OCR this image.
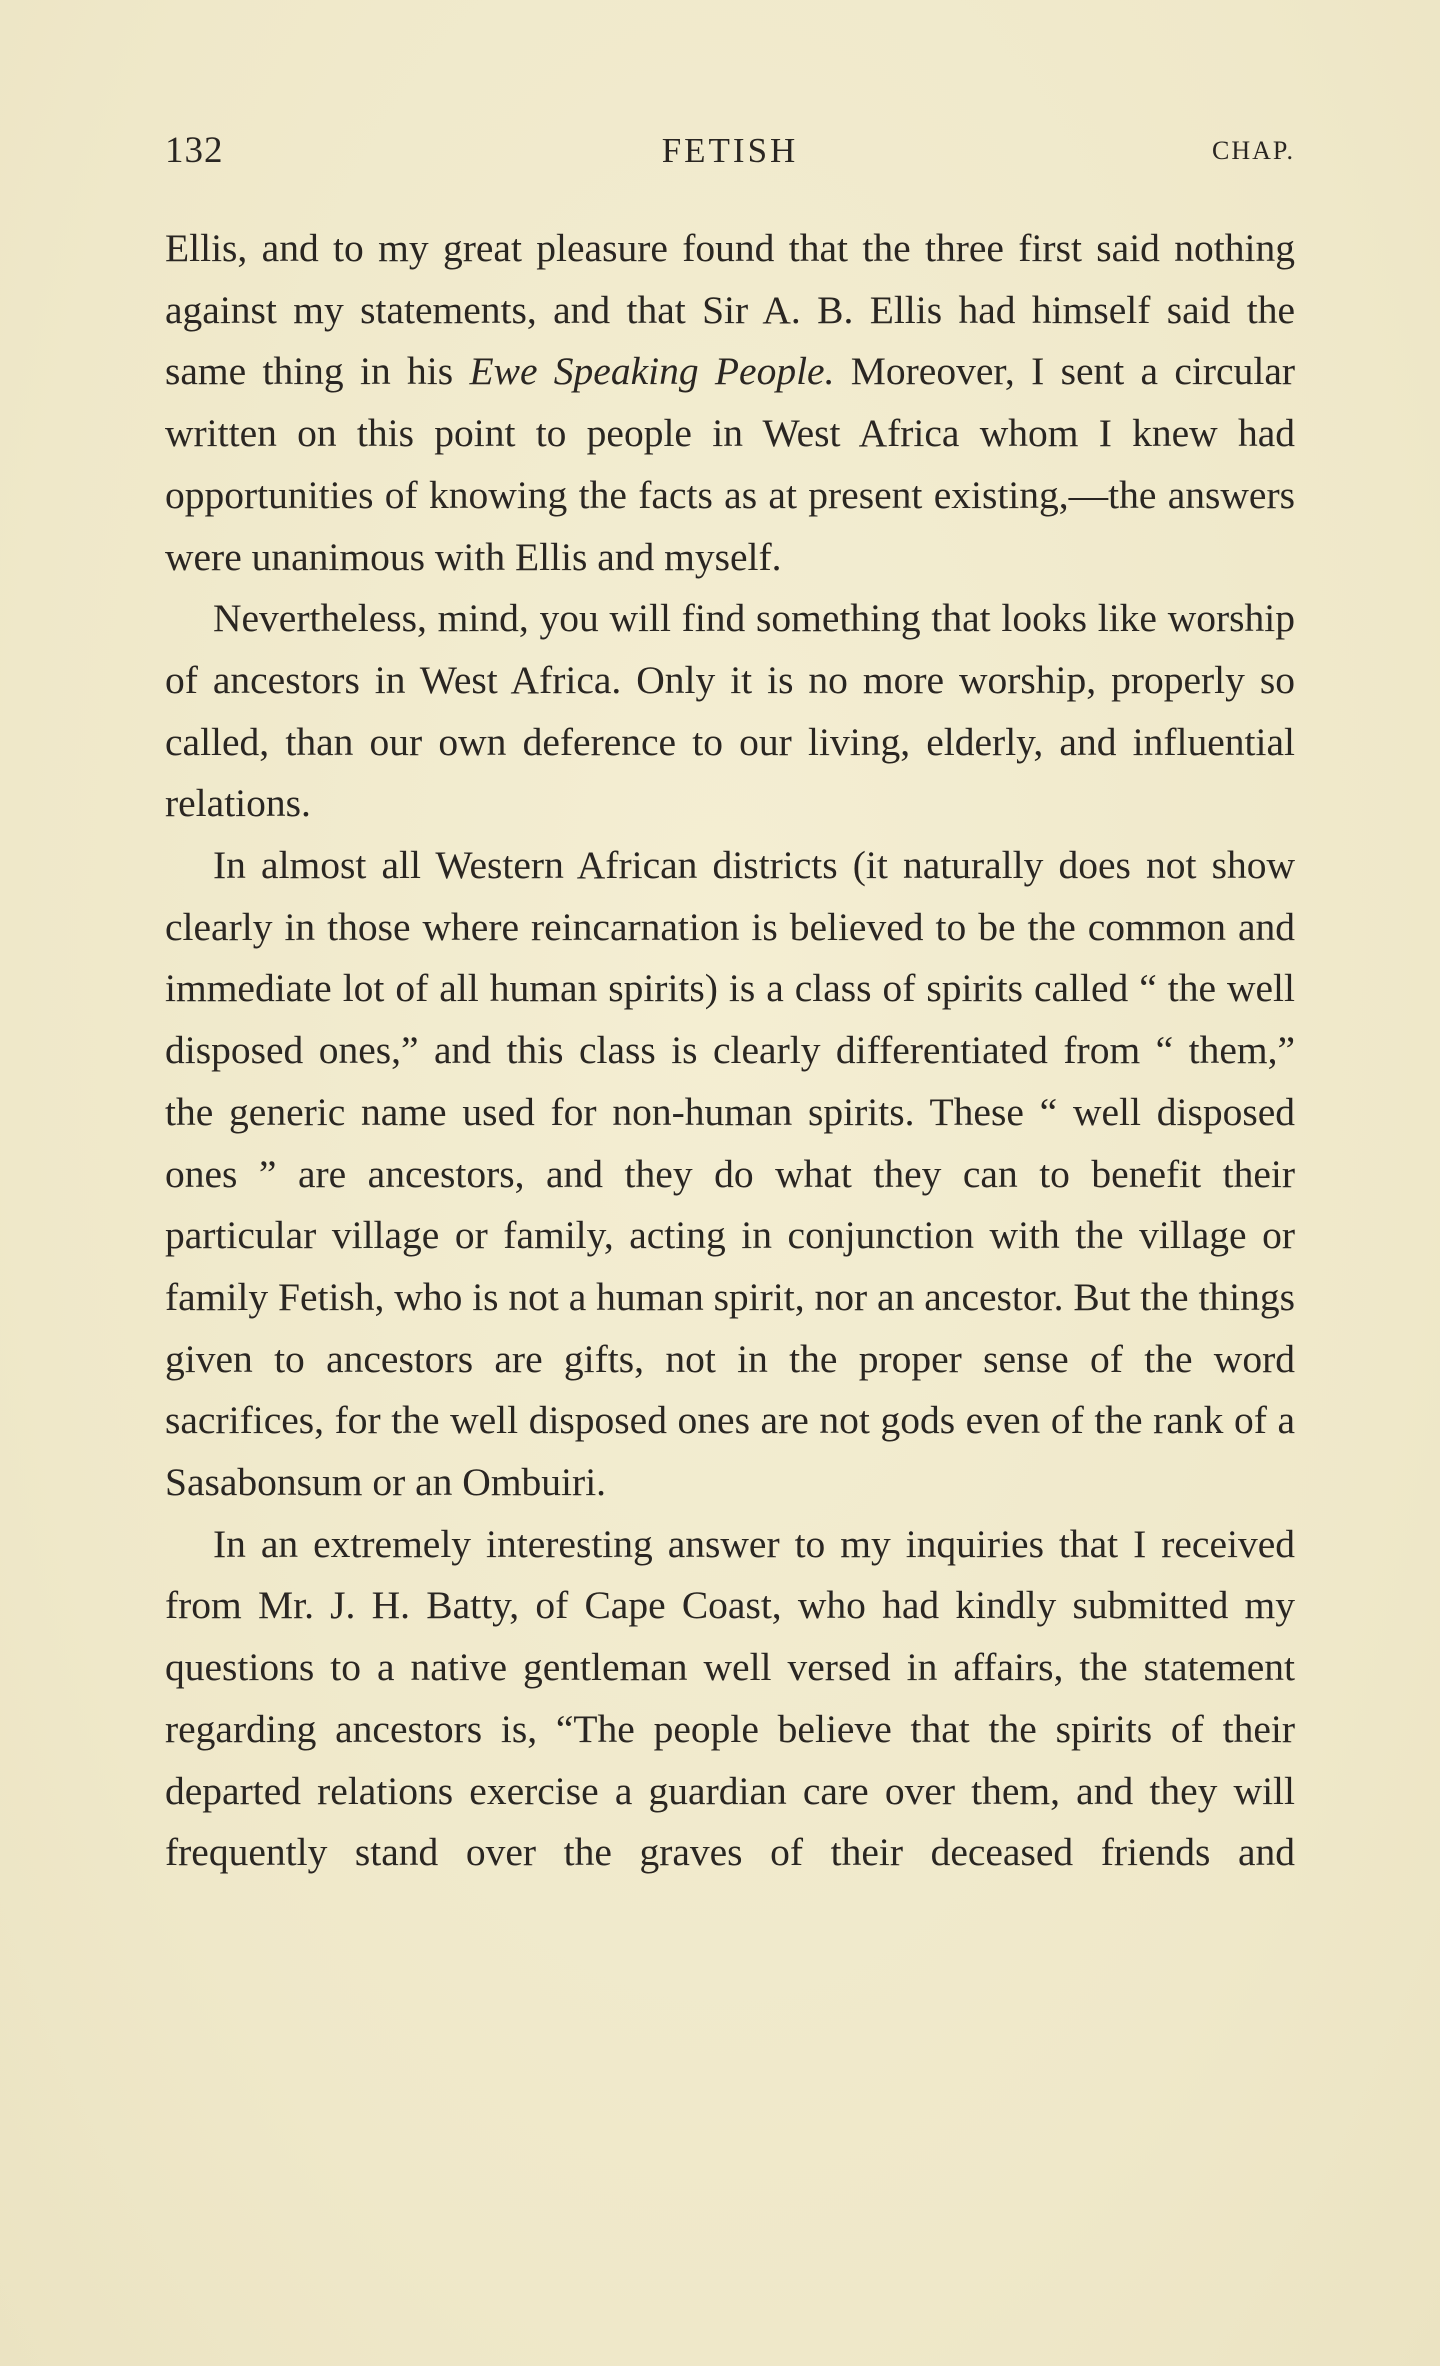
132	FETISH	CHAP.

Ellis, and to my great pleasure found that the three first said nothing against my statements, and that Sir A. B. Ellis had himself said the same thing in his Ewe Speaking People. Moreover, I sent a circular written on this point to people in West Africa whom I knew had opportunities of knowing the facts as at present existing,—the answers were unanimous with Ellis and myself.

Nevertheless, mind, you will find something that looks like worship of ancestors in West Africa. Only it is no more worship, properly so called, than our own deference to our living, elderly, and influential relations.

In almost all Western African districts (it naturally does not show clearly in those where reincarnation is believed to be the common and immediate lot of all human spirits) is a class of spirits called “ the well disposed ones,” and this class is clearly differentiated from “ them,” the generic name used for non-human spirits. These “ well disposed ones ” are ancestors, and they do what they can to benefit their particular village or family, acting in conjunction with the village or family Fetish, who is not a human spirit, nor an ancestor. But the things given to ancestors are gifts, not in the proper sense of the word sacrifices, for the well disposed ones are not gods even of the rank of a Sasabonsum or an Ombuiri.

In an extremely interesting answer to my inquiries that I received from Mr. J. H. Batty, of Cape Coast, who had kindly submitted my questions to a native gentleman well versed in affairs, the statement regarding ancestors is, “The people believe that the spirits of their departed relations exercise a guardian care over them, and they will frequently stand over the graves of their deceased friends and
